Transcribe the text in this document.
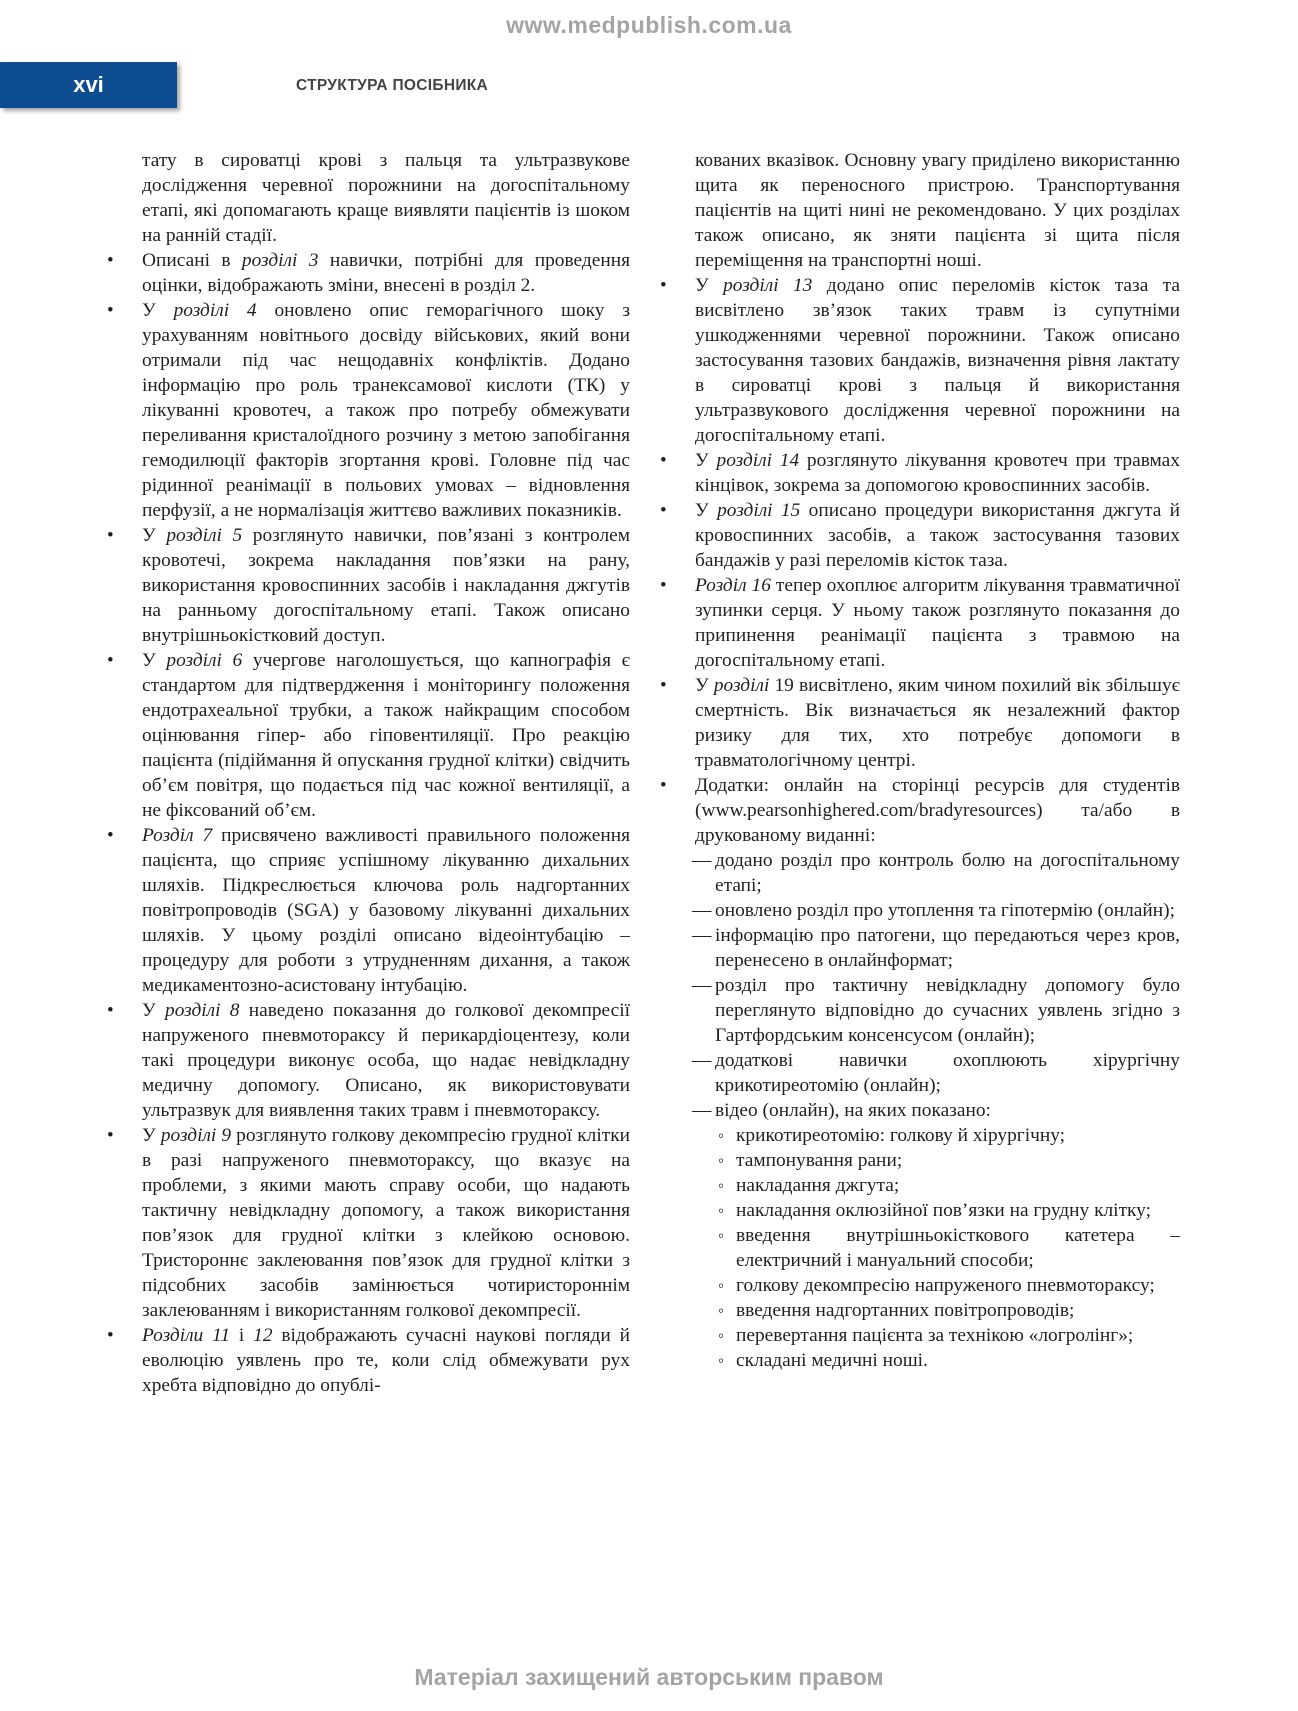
www.medpublish.com.ua
xvi	СТРУКТУРА ПОСІБНИКА
тату в сироватці крові з пальця та ультразвукове дослідження черевної порожнини на догоспітальному етапі, які допомагають краще виявляти пацієнтів із шоком на ранній стадії.
• Описані в розділі 3 навички, потрібні для проведення оцінки, відображають зміни, внесені в розділ 2.
• У розділі 4 оновлено опис геморагічного шоку з урахуванням новітнього досвіду військових, який вони отримали під час нещодавніх конфліктів. Додано інформацію про роль транексамової кислоти (ТК) у лікуванні кровотеч, а також про потребу обмежувати переливання кристалоїдного розчину з метою запобігання гемодилюції факторів згортання крові. Головне під час рідинної реанімації в польових умовах – відновлення перфузії, а не нормалізація життєво важливих показників.
• У розділі 5 розглянуто навички, пов’язані з контролем кровотечі, зокрема накладання пов’язки на рану, використання кровоспинних засобів і накладання джгутів на ранньому догоспітальному етапі. Також описано внутрішньокістковий доступ.
• У розділі 6 учергове наголошується, що капнографія є стандартом для підтвердження і моніторингу положення ендотрахеальної трубки, а також найкращим способом оцінювання гіпер- або гіповентиляції. Про реакцію пацієнта (підіймання й опускання грудної клітки) свідчить об’єм повітря, що подається під час кожної вентиляції, а не фіксований об’єм.
• Розділ 7 присвячено важливості правильного положення пацієнта, що сприяє успішному лікуванню дихальних шляхів. Підкреслюється ключова роль надгортанних повітропроводів (SGA) у базовому лікуванні дихальних шляхів. У цьому розділі описано відеоінтубацію – процедуру для роботи з утрудненням дихання, а також медикаментозно-асистовану інтубацію.
• У розділі 8 наведено показання до голкової декомпресії напруженого пневмотораксу й перикардіоцентезу, коли такі процедури виконує особа, що надає невідкладну медичну допомогу. Описано, як використовувати ультразвук для виявлення таких травм і пневмотораксу.
• У розділі 9 розглянуто голкову декомпресію грудної клітки в разі напруженого пневмотораксу, що вказує на проблеми, з якими мають справу особи, що надають тактичну невідкладну допомогу, а також використання пов’язок для грудної клітки з клейкою основою. Тристороннє заклеювання пов’язок для грудної клітки з підсобних засобів замінюється чотиристороннім заклеюванням і використанням голкової декомпресії.
• Розділи 11 і 12 відображають сучасні наукові погляди й еволюцію уявлень про те, коли слід обмежувати рух хребта відповідно до опублі-
кованих вказівок. Основну увагу приділено використанню щита як переносного пристрою. Транспортування пацієнтів на щиті нині не рекомендовано. У цих розділах також описано, як зняти пацієнта зі щита після переміщення на транспортні ноші.
• У розділі 13 додано опис переломів кісток таза та висвітлено зв’язок таких травм із супутніми ушкодженнями черевної порожнини. Також описано застосування тазових бандажів, визначення рівня лактату в сироватці крові з пальця й використання ультразвукового дослідження черевної порожнини на догоспітальному етапі.
• У розділі 14 розглянуто лікування кровотеч при травмах кінцівок, зокрема за допомогою кровоспинних засобів.
• У розділі 15 описано процедури використання джгута й кровоспинних засобів, а також застосування тазових бандажів у разі переломів кісток таза.
• Розділ 16 тепер охоплює алгоритм лікування травматичної зупинки серця. У ньому також розглянуто показання до припинення реанімації пацієнта з травмою на догоспітальному етапі.
• У розділі 19 висвітлено, яким чином похилий вік збільшує смертність. Вік визначається як незалежний фактор ризику для тих, хто потребує допомоги в травматологічному центрі.
• Додатки: онлайн на сторінці ресурсів для студентів (www.pearsonhighered.com/bradyresources) та/або в друкованому виданні:
— додано розділ про контроль болю на догоспітальному етапі;
— оновлено розділ про утоплення та гіпотермію (онлайн);
— інформацію про патогени, що передаються через кров, перенесено в онлайнформат;
— розділ про тактичну невідкладну допомогу було переглянуто відповідно до сучасних уявлень згідно з Гартфордським консенсусом (онлайн);
— додаткові навички охоплюють хірургічну крикотиреотомію (онлайн);
— відео (онлайн), на яких показано:
◦ крикотиреотомію: голкову й хірургічну;
◦ тампонування рани;
◦ накладання джгута;
◦ накладання оклюзійної пов’язки на грудну клітку;
◦ введення внутрішньокісткового катетера – електричний і мануальний способи;
◦ голкову декомпресію напруженого пневмотораксу;
◦ введення надгортанних повітропроводів;
◦ перевертання пацієнта за технікою «логролінг»;
◦ складані медичні ноші.
Матеріал захищений авторським правом
